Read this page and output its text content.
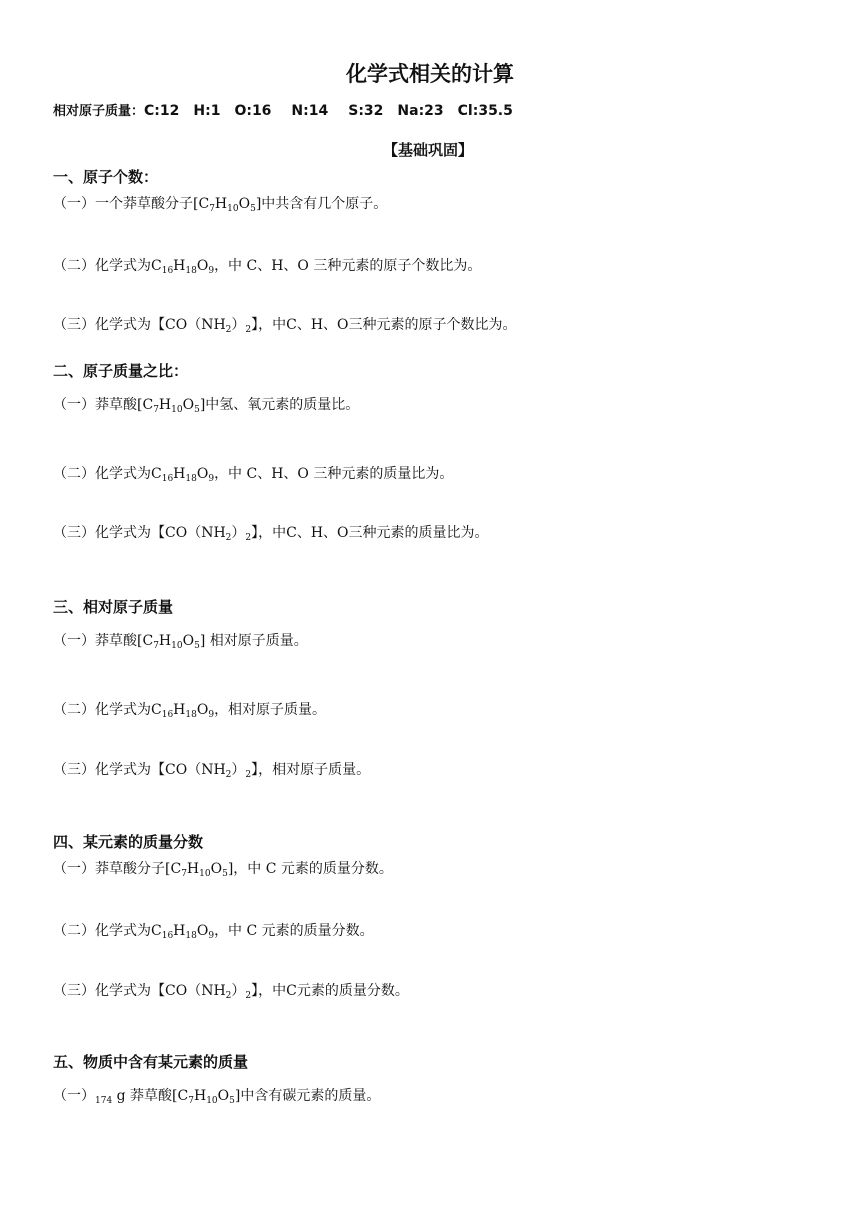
化学式相关的计算
相对原子质量：C:12 H:1 O:16 N:14 S:32 Na:23 Cl:35.5
【基础巩固】
一、原子个数：
（一）一个莽草酸分子$[C_7H_{10}O_5]$中共含有几个原子。
（二）化学式为$C_{16}H_{18}O_9$，中 C、H、O 三种元素的原子个数比为。
（三）化学式为【$CO(NH_2)_2$】，中C、H、O三种元素的原子个数比为。
二、原子质量之比：
（一）莽草酸$[C_7H_{10}O_5]$中氢、氧元素的质量比。
（二）化学式为$C_{16}H_{18}O_9$，中 C、H、O 三种元素的质量比为。
（三）化学式为【$CO(NH_2)_2$】，中C、H、O三种元素的质量比为。
三、相对原子质量
（一）莽草酸$[C_7H_{10}O_5]$ 相对原子质量。
（二）化学式为$C_{16}H_{18}O_9$，相对原子质量。
（三）化学式为【$CO(NH_2)_2$】，相对原子质量。
四、某元素的质量分数
（一）莽草酸分子$[C_7H_{10}O_5]$，中 C 元素的质量分数。
（二）化学式为$C_{16}H_{18}O_9$，中 C 元素的质量分数。
（三）化学式为【$CO(NH_2)_2$】，中C元素的质量分数。
五、物质中含有某元素的质量
（一）$_{174}$ g 莽草酸$[C_7H_{10}O_5]$中含有碳元素的质量。
